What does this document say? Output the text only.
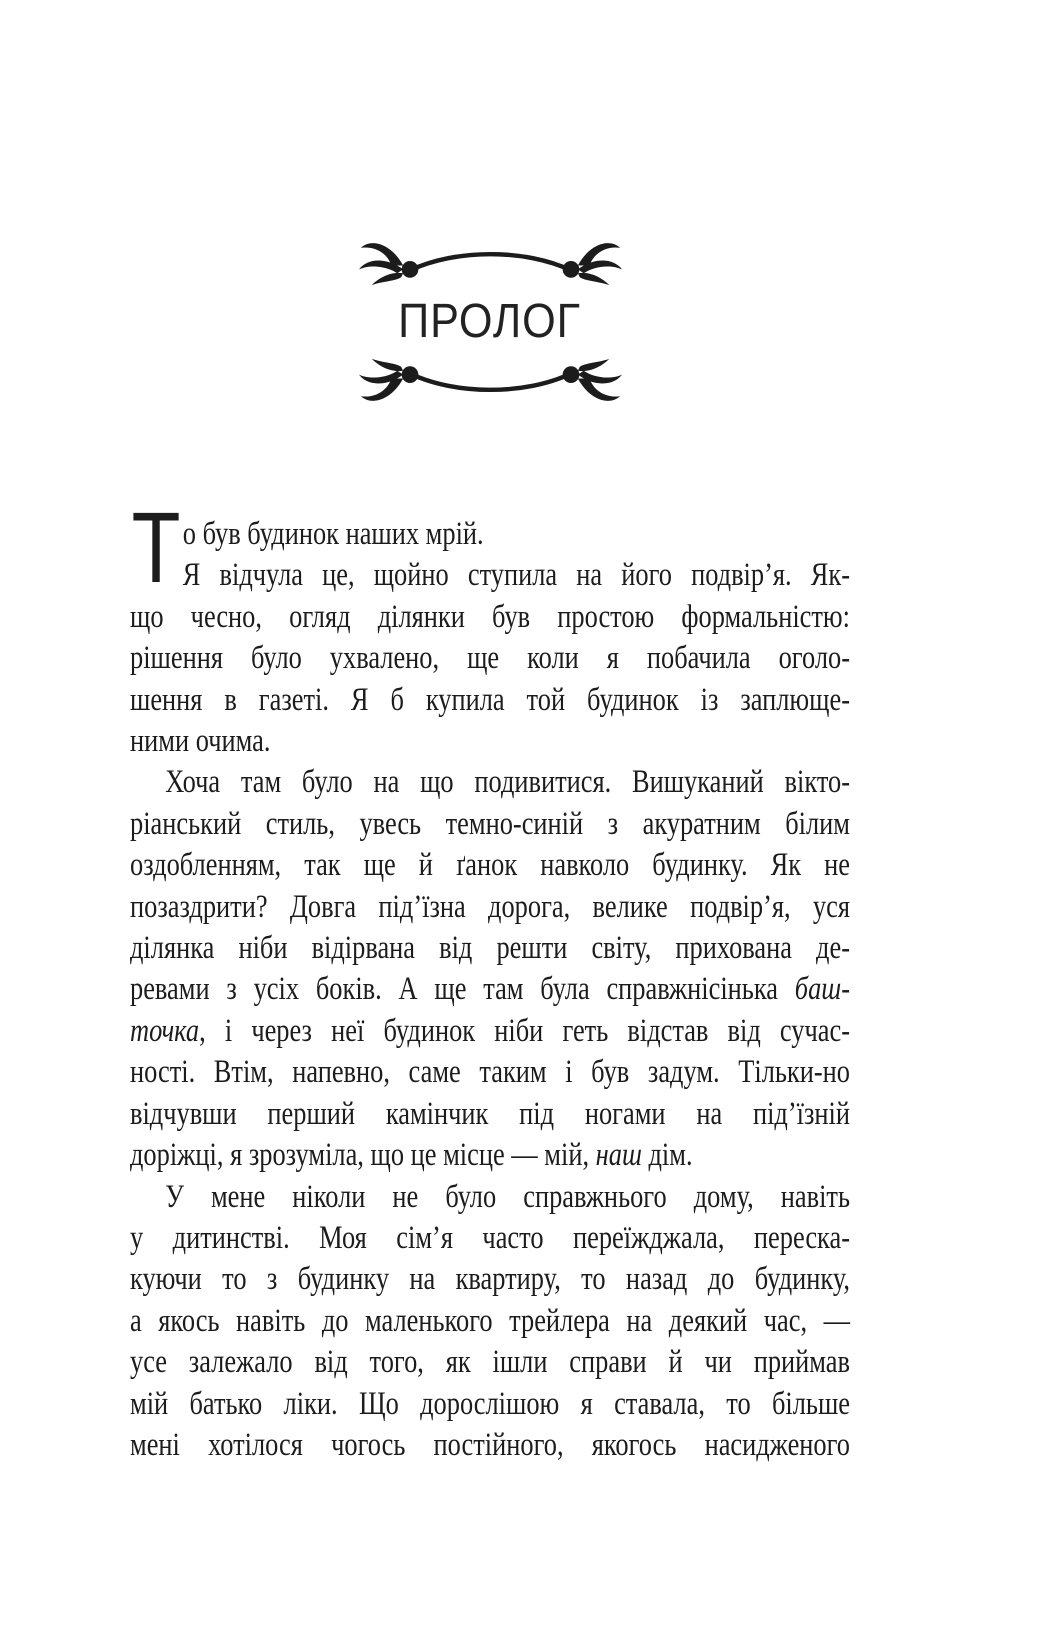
ПРОЛОГ
Т о був будинок наших мрій.
Я відчула це, щойно ступила на його подвір’я. Як-
що чесно, огляд ділянки був простою формальністю:
рішення було ухвалено, ще коли я побачила оголо-
шення в газеті. Я б купила той будинок із заплюще-
ними очима.
Хоча там було на що подивитися. Вишуканий вікто-
ріанський стиль, увесь темно-синій з акуратним білим
оздобленням, так ще й ґанок навколо будинку. Як не
позаздрити? Довга під’їзна дорога, велике подвір’я, уся
ділянка ніби відірвана від решти світу, прихована де-
ревами з усіх боків. А ще там була справжнісінька баш-
точка, і через неї будинок ніби геть відстав від сучас-
ності. Втім, напевно, саме таким і був задум. Тільки-но
відчувши перший камінчик під ногами на під’їзній
доріжці, я зрозуміла, що це місце — мій, наш дім.
У мене ніколи не було справжнього дому, навіть
у дитинстві. Моя сім’я часто переїжджала, переска-
куючи то з будинку на квартиру, то назад до будинку,
а якось навіть до маленького трейлера на деякий час, —
усе залежало від того, як ішли справи й чи приймав
мій батько ліки. Що дорослішою я ставала, то більше
мені хотілося чогось постійного, якогось насидженого
